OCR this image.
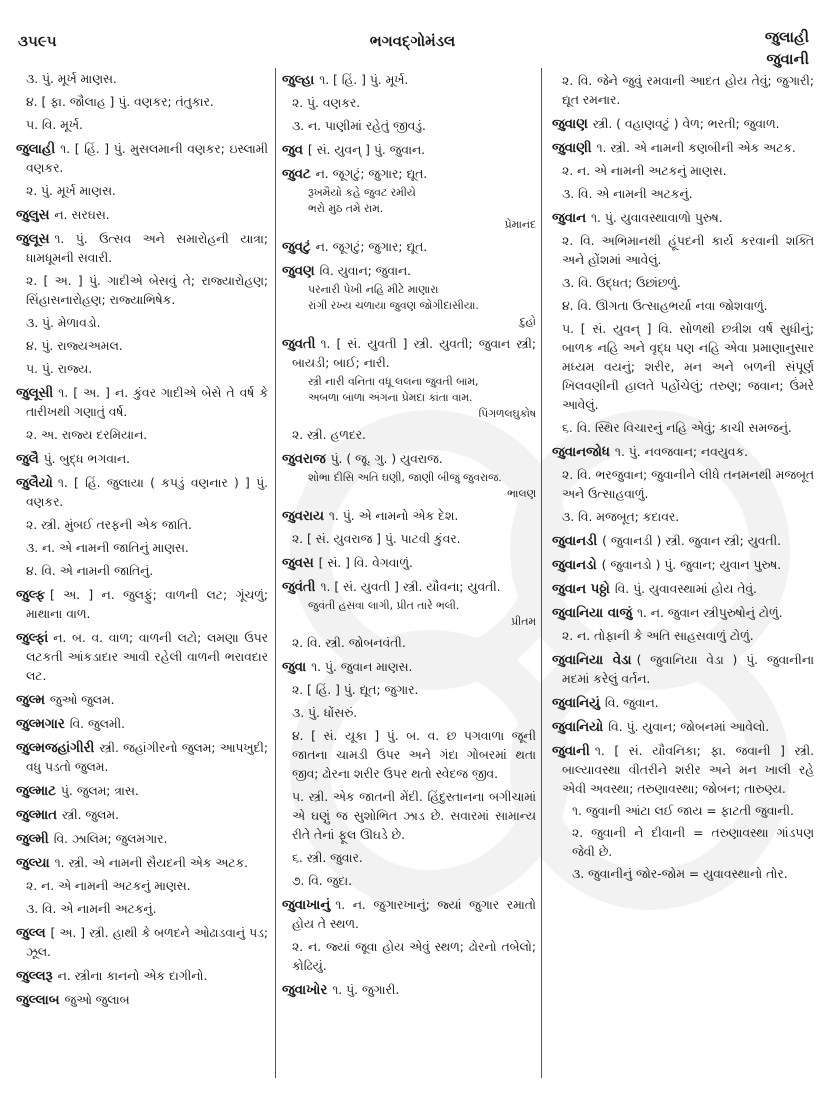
૩૫૯૫	ભગવદ્ગોમંડલ	જુલાહી
જુવાની
૩. પું. મૂર્ખ માણસ.
૪. [ ફા. જૌલાહ ] પું. વણકર; તંતુકાર.
૫. વિ. મૂર્ખ.
જુલાહી ૧. [ હિં. ] પું. મુસલમાની વણકર; ઇસ્લામી વણકર.
૨. પું. મૂર્ખ માણસ.
જુલુસ ન. સરઘસ.
જુલૂસ ૧. પું. ઉત્સવ અને સમારોહની યાત્રા; ધામધૂમની સવારી.
૨. [ અ. ] પું. ગાદીએ બેસવું તે; રાજ્યારોહણ; સિંહાસનારોહણ; રાજ્યાભિષેક.
૩. પું. મેળાવડો.
૪. પું. રાજ્યઅમલ.
૫. પું. રાજ્ય.
જુલૂસી ૧. [ અ. ] ન. કુંવર ગાદીએ બેસે તે વર્ષ કે તારીખથી ગણાતું વર્ષ.
૨. અ. રાજ્ય દરમિયાન.
જુલૈ પું. બુદ્ધ ભગવાન.
જુલૈયો ૧. [ હિં. જુલાયા ( કપડું વણનાર ) ] પું. વણકર.
૨. સ્ત્રી. મુંબઈ તરફની એક જાતિ.
૩. ન. એ નામની જાતિનું માણસ.
૪. વિ. એ નામની જાતિનું.
જુલ્ફ [ અ. ] ન. જુલફું; વાળની લટ; ગૂંચળું; માથાના વાળ.
જુલ્ફાં ન. બ. વ. વાળ; વાળની લટો; લમણા ઉપર લટકતી આંકડાદાર આવી રહેલી વાળની ભરાવદાર લટ.
જુલ્મ જુઓ જુલમ.
જુલ્મગાર વિ. જુલમી.
જુલ્મજહાંગીરી સ્ત્રી. જહાંગીરનો જુલમ; આપખુદી; વધુ પડતો જુલમ.
જુલ્માટ પું. જુલમ; ત્રાસ.
જુલ્માત સ્ત્રી. જુલમ.
જુલ્મી વિ. ઝાલિમ; જુલમગાર.
જુલ્યા ૧. સ્ત્રી. એ નામની સૈયદની એક અટક.
૨. ન. એ નામની અટકનું માણસ.
૩. વિ. એ નામની અટકનું.
જુલ્લ [ અ. ] સ્ત્રી. હાથી કે બળદને ઓઢાડવાનું પડ; ઝૂલ.
જુલ્લરૂ ન. સ્ત્રીના કાનનો એક દાગીનો.
જુલ્લાબ જુઓ જુલાબ
જુલ્હા ૧. [ હિં. ] પું. મૂર્ખ.
૨. પું. વણકર.
૩. ન. પાણીમાં રહેતું જીવડું.
જુવ [ સં. યુવન્ ] પું. જુવાન.
જુવટ ન. જૂગટું; જુગાર; દ્યૂત.
રૂખમૈયો કહે જુવટ રમીયે
ભરો મુઠ તમે રામ.
પ્રેમાનંદ
જુવટું ન. જૂગટું; જુગાર; દ્યૂત.
જુવણ વિ. યુવાન; જુવાન.
પરનારી પેખી નહિ મીટે માણારા
રાંગી રખ્ય ચળાયા જુવણ જોગીદાસીયા.
દુહો
જુવતી ૧. [ સં. યુવતી ] સ્ત્રી. યુવતી; જુવાન સ્ત્રી; બાયડી; બાઈ; નારી.
સ્ત્રી નારી વનિતા વધૂ લલના જુવતી બામ,
અબળા બાળા અંગના પ્રેમદા કાંતા વામ.
પિંગળલઘુકોષ
૨. સ્ત્રી. હળદર.
જુવરાજ પું. ( જૂ. ગુ. ) યુવરાજ.
શોભા દીસિ અતિ ઘણી, જાણી બીજુ જુવરાજ.
ભાલણ
જુવરાય ૧. પું. એ નામનો એક દેશ.
૨. [ સં. યુવરાજ ] પું. પાટવી કુંવર.
જુવસ [ સં. ] વિ. વેગવાળું.
જુવંતી ૧. [ સં. યુવતી ] સ્ત્રી. યૌવના; યુવતી.
જુવંતી હસવા લાગી, પ્રીત તારે ભલી.
પ્રીતમ
૨. વિ. સ્ત્રી. જોબનવંતી.
જુવા ૧. પું. જુવાન માણસ.
૨. [ હિં. ] પું. દ્યૂત; જુગાર.
૩. પું. ધોંસરું.
૪. [ સં. યૂકા ] પું. બ. વ. છ પગવાળા જૂની જાતના ચામડી ઉપર અને ગંદા ગોબરમાં થતા જીવ; ઢોરના શરીર ઉપર થતો સ્વેદજ જીવ.
૫. સ્ત્રી. એક જાતની મેંદી. હિંદુસ્તાનના બગીચામાં એ ઘણું જ સુશોભિત ઝાડ છે. સવારમાં સામાન્ય રીતે તેનાં ફૂલ ઊઘડે છે.
૬. સ્ત્રી. જુવાર.
૭. વિ. જુદા.
જુવાખાનું ૧. ન. જુગારખાનું; જ્યાં જુગાર રમાતો હોય તે સ્થળ.
૨. ન. જ્યાં જૂવા હોય એવું સ્થળ; ઢોરનો તબેલો; કોઢિયું.
જુવાખોર ૧. પું. જુગારી.
૨. વિ. જેને જુવું રમવાની આદત હોય તેવું; જુગારી; દ્યૂત રમનાર.
જુવાણ સ્ત્રી. ( વહાણવટું ) વેળ; ભરતી; જુવાળ.
જુવાણી ૧. સ્ત્રી. એ નામની કણબીની એક અટક.
૨. ન. એ નામની અટકનું માણસ.
૩. વિ. એ નામની અટકનું.
જુવાન ૧. પું. યુવાવસ્થાવાળો પુરુષ.
૨. વિ. અભિમાનથી હૂંપદની કાર્ય કરવાની શક્તિ અને હોંશમાં આવેલું.
૩. વિ. ઉદ્ધત; ઉછાંછળું.
૪. વિ. ઊગતા ઉત્સાહભર્યા નવા જોશવાળું.
૫. [ સં. યુવન્ ] વિ. સોળથી છત્રીશ વર્ષ સુધીનું; બાળક નહિ અને વૃદ્ધ પણ નહિ એવા પ્રમાણાનુસાર મધ્યમ વયનું; શરીર, મન અને બળની સંપૂર્ણ ખિલવણીની હાલતે પહોંચેલું; તરુણ; જવાન; ઉંમરે આવેલું.
૬. વિ. સ્થિર વિચારનું નહિ એવું; કાચી સમજનું.
જુવાનજોધ ૧. પું. નવજવાન; નવયુવક.
૨. વિ. ભરજુવાન; જુવાનીને લીધે તનમનથી મજબૂત અને ઉત્સાહવાળું.
૩. વિ. મજબૂત; કદાવર.
જુવાનડી ( જુવાનડી ) સ્ત્રી. જુવાન સ્ત્રી; યુવતી.
જુવાનડો ( જુવાનડો ) પું. જુવાન; યુવાન પુરુષ.
જુવાન પઠ્ઠો વિ. પું. યુવાવસ્થામાં હોય તેવું.
જુવાનિયા વાજું ૧. ન. જુવાન સ્ત્રીપુરુષોનું ટોળું.
૨. ન. તોફાની કે અતિ સાહસવાળું ટોળું.
જુવાનિયા વેડા ( જુવાનિયા વેડા ) પું. જુવાનીના મદમાં કરેલું વર્તન.
જુવાનિયું વિ. જુવાન.
જુવાનિયો વિ. પું. યુવાન; જોબનમાં આવેલો.
જુવાની ૧. [ સં. યૌવનિકા; ફા. જવાની ] સ્ત્રી. બાલ્યાવસ્થા વીતરીને શરીર અને મન ખાલી રહે એવી અવસ્થા; તરુણાવસ્થા; જોબન; તારુણ્ય.
૧. જુવાની આંટા લઈ જાય = ફાટતી જુવાની.
૨. જુવાની ને દીવાની = તરુણાવસ્થા ગાંડપણ જેવી છે.
૩. જુવાનીનું જોર-જોમ = યુવાવસ્થાનો તોર.
